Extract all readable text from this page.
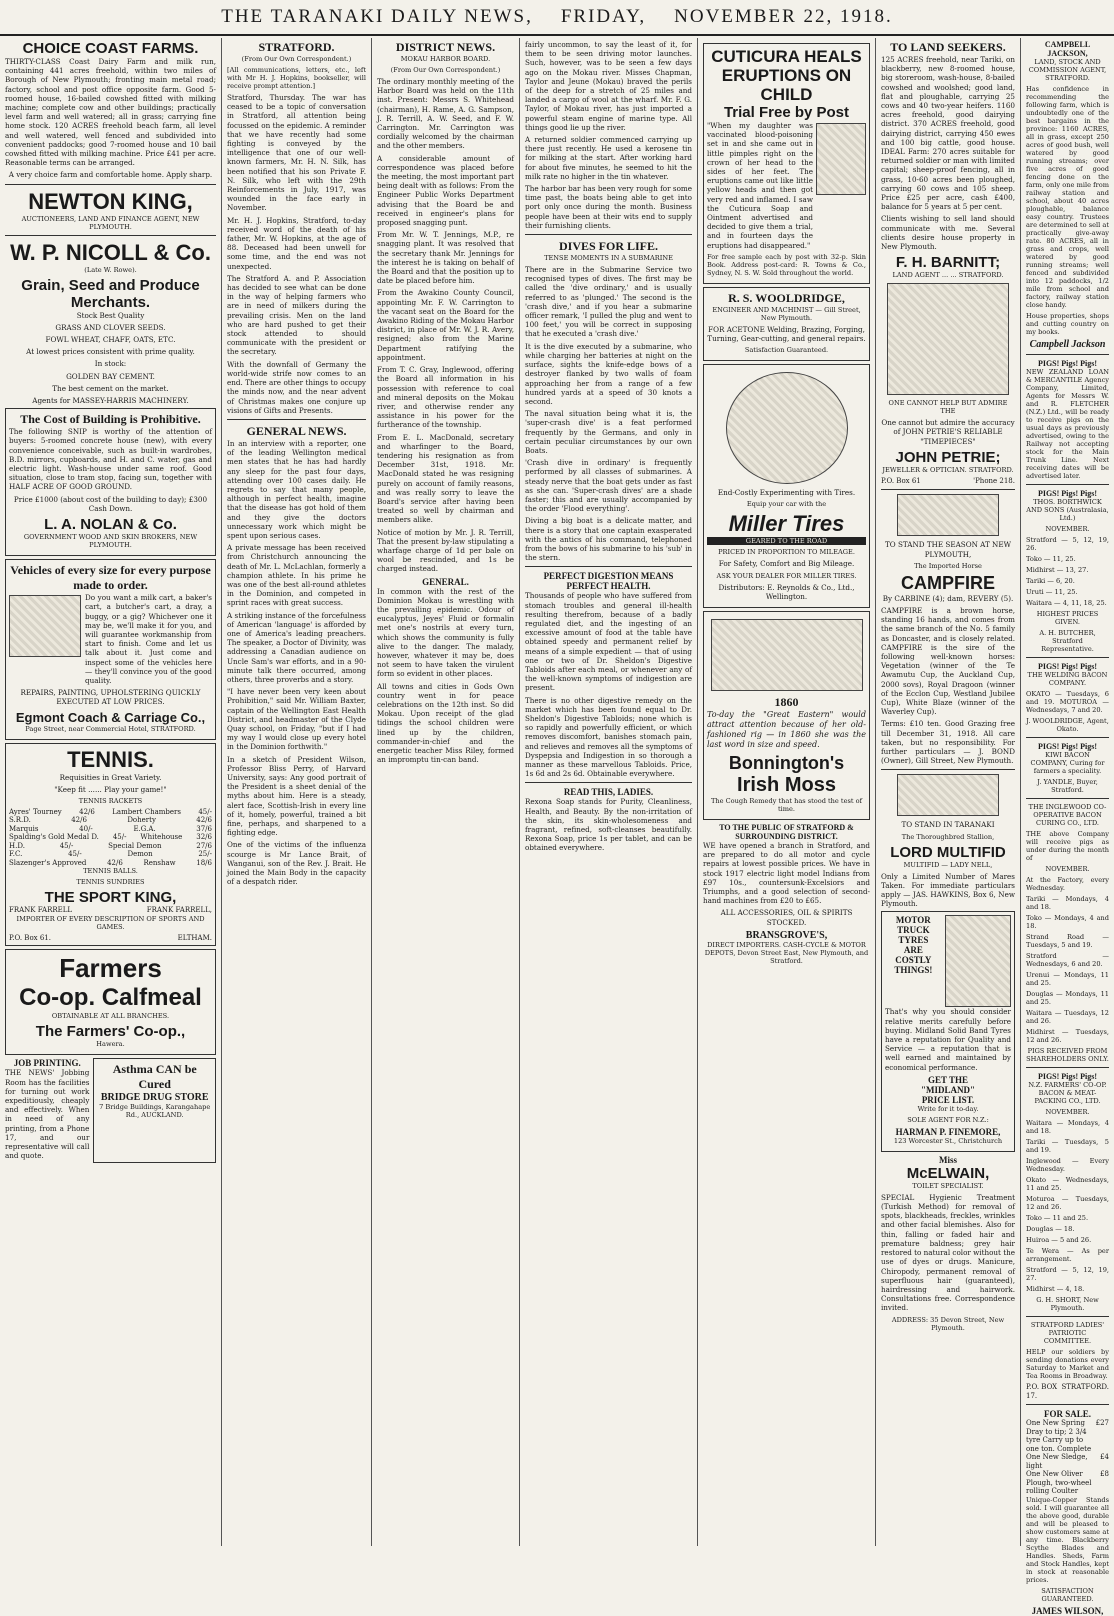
THE TARANAKI DAILY NEWS, FRIDAY, NOVEMBER 22, 1918.
CHOICE COAST FARMS.
THIRTY-CLASS Coast Dairy Farm and milk run, containing 441 acres freehold, within two miles of Borough of New Plymouth; fronting main metal road; factory, school and post office opposite farm. Good 5-roomed house, 16-bailed cowshed fitted with milking machine; complete cow and other buildings; practically level farm and well watered; all in grass; carrying fine home stock. 120 ACRES freehold beach farm, all level and well watered, well fenced and subdivided into convenient paddocks; good 7-roomed house and 10 bail cowshed fitted with milking machine. Price £41 per acre. Reasonable terms can be arranged.
A very choice farm and comfortable home. Apply sharp.
NEWTON KING,
AUCTIONEERS, LAND AND FINANCE AGENT, NEW PLYMOUTH.
W. P. NICOLL & Co.
(Late W. Rowe).
Grain, Seed and Produce Merchants.
Stock Best Quality
GRASS AND CLOVER SEEDS.
FOWL WHEAT, CHAFF, OATS, ETC.
At lowest prices consistent with prime quality.
In stock:
GOLDEN BAY CEMENT.
The best cement on the market.
Agents for MASSEY-HARRIS MACHINERY.
The Cost of Building is Prohibitive.
The following SNIP is worthy of the attention of buyers: 5-roomed concrete house (new), with every convenience conceivable, such as built-in wardrobes, B.D. mirrors, cupboards, and H. and C. water, gas and electric light. Wash-house under same roof. Good situation, close to tram stop, facing sun, together with HALF ACRE OF GOOD GROUND.
Price £1000 (about cost of the building to day); £300 Cash Down.
L. A. NOLAN & Co.
GOVERNMENT WOOD AND SKIN BROKERS, NEW PLYMOUTH.
Vehicles of every size for every purpose made to order.
Do you want a milk cart, a baker's cart, a butcher's cart, a dray, a buggy, or a gig? Whichever one it may be, we'll make it for you, and will guarantee workmanship from start to finish. Come and let us talk about it. Just come and inspect some of the vehicles here — they'll convince you of the good quality.
REPAIRS, PAINTING, UPHOLSTERING QUICKLY EXECUTED AT LOW PRICES.
Egmont Coach & Carriage Co.,
Page Street, near Commercial Hotel, STRATFORD.
TENNIS.
Requisities in Great Variety.
"Keep fit ...... Play your game!"
TENNIS RACKETS
Ayres' Tourney 42/6 Lambert Chambers 45/-
S.R.D.	42/6	Doherty	42/6
Marquis	40/-	E.G.A.	37/6
Spalding's Gold Medal D. 45/- Whitehouse 32/6
H.D.	45/-	Special Demon	27/6
F.C.	45/-	Demon	25/-
Slazenger's Approved	42/6	Renshaw	18/6
TENNIS BALLS.
TENNIS SUNDRIES
THE SPORT KING,
FRANK FARRELL	FRANK FARRELL,
IMPORTER OF EVERY DESCRIPTION OF SPORTS AND GAMES.
P.O. Box 61.	ELTHAM.
Farmers
Co-op. Calfmeal
OBTAINABLE AT ALL BRANCHES.
The Farmers' Co-op.,
Hawera.
JOB PRINTING.
THE NEWS' Jobbing Room has the facilities for turning out work expeditiously, cheaply and effectively. When in need of any printing, from a Phone 17, and our representative will call and quote.
Asthma CAN be Cured
BRIDGE DRUG STORE
7 Bridge Buildings, Karangahape Rd., AUCKLAND.
STRATFORD.
(From Our Own Correspondent.)
[All communications, letters, etc., left with Mr H. J. Hopkins, bookseller, will receive prompt attention.]
Stratford, Thursday. The war has ceased to be a topic of conversation in Stratford, all attention being focussed on the epidemic. A reminder that we have recently had some fighting is conveyed by the intelligence that one of our well-known farmers, Mr. H. N. Silk, has been notified that his son Private F. N. Silk, who left with the 29th Reinforcements in July, 1917, was wounded in the face early in November.
Mr. H. J. Hopkins, Stratford, to-day received word of the death of his father, Mr. W. Hopkins, at the age of 88. Deceased had been unwell for some time, and the end was not unexpected.
The Stratford A. and P. Association has decided to see what can be done in the way of helping farmers who are in need of milkers during the prevailing crisis. Men on the land who are hard pushed to get their stock attended to should communicate with the president or the secretary.
With the downfall of Germany the world-wide strife now comes to an end. There are other things to occupy the minds now, and the near advent of Christmas makes one conjure up visions of Gifts and Presents.
GENERAL NEWS.
In an interview with a reporter, one of the leading Wellington medical men states that he has had hardly any sleep for the past four days, attending over 100 cases daily. He regrets to say that many people, although in perfect health, imagine that the disease has got hold of them and they give the doctors unnecessary work which might be spent upon serious cases.
A private message has been received from Christchurch announcing the death of Mr. L. McLachlan, formerly a champion athlete. In his prime he was one of the best all-round athletes in the Dominion, and competed in sprint races with great success.
A striking instance of the forcefulness of American 'language' is afforded by one of America's leading preachers. The speaker, a Doctor of Divinity, was addressing a Canadian audience on Uncle Sam's war efforts, and in a 90-minute talk there occurred, among others, three proverbs and a story.
"I have never been very keen about Prohibition," said Mr. William Baxter, captain of the Wellington East Health District, and headmaster of the Clyde Quay school, on Friday, "but if I had my way I would close up every hotel in the Dominion forthwith."
In a sketch of President Wilson, Professor Bliss Perry, of Harvard University, says: Any good portrait of the President is a sheet denial of the myths about him. Here is a steady, alert face, Scottish-Irish in every line of it, homely, powerful, trained a bit fine, perhaps, and sharpened to a fighting edge.
One of the victims of the influenza scourge is Mr Lance Brait, of Wanganui, son of the Rev. J. Brait. He joined the Main Body in the capacity of a despatch rider.
DISTRICT NEWS.
MOKAU HARBOR BOARD.
(From Our Own Correspondent.)
The ordinary monthly meeting of the Harbor Board was held on the 11th inst. Present: Messrs S. Whitehead (chairman), H. Rame, A. G. Sampson, J. R. Terrill, A. W. Seed, and F. W. Carrington. Mr. Carrington was cordially welcomed by the chairman and the other members.
A considerable amount of correspondence was placed before the meeting, the most important part being dealt with as follows: From the Engineer Public Works Department advising that the Board be and received in engineer's plans for proposed snagging punt.
From Mr. W. T. Jennings, M.P., re snagging plant. It was resolved that the secretary thank Mr. Jennings for the interest he is taking on behalf of the Board and that the position up to date be placed before him.
From the Awakino County Council, appointing Mr. F. W. Carrington to the vacant seat on the Board for the Awakino Riding of the Mokau Harbor district, in place of Mr. W. J. R. Avery, resigned; also from the Marine Department ratifying the appointment.
From T. C. Gray, Inglewood, offering the Board all information in his possession with reference to coal and mineral deposits on the Mokau river, and otherwise render any assistance in his power for the furtherance of the township.
From E. L. MacDonald, secretary and wharfinger to the Board, tendering his resignation as from December 31st, 1918. Mr. MacDonald stated he was resigning purely on account of family reasons, and was really sorry to leave the Board's service after having been treated so well by chairman and members alike.
Notice of motion by Mr. J. R. Terrill, That the present by-law stipulating a wharfage charge of 1d per bale on wool be rescinded, and 1s be charged instead.
GENERAL.
In common with the rest of the Dominion Mokau is wrestling with the prevailing epidemic. Odour of eucalyptus, Jeyes' Fluid or formalin met one's nostrils at every turn, which shows the community is fully alive to the danger. The malady, however, whatever it may be, does not seem to have taken the virulent form so evident in other places.
All towns and cities in Gods Own country went in for peace celebrations on the 12th inst. So did Mokau. Upon receipt of the glad tidings the school children were lined up by the children, commander-in-chief and the energetic teacher Miss Riley, formed an impromptu tin-can band.
fairly uncommon, to say the least of it, for them to be seen driving motor launches. Such, however, was to be seen a few days ago on the Mokau river. Misses Chapman, Taylor and Jeune (Mokau) braved the perils of the deep for a stretch of 25 miles and landed a cargo of wool at the wharf. Mr. F. G. Taylor, of Mokau river, has just imported a powerful steam engine of marine type. All things good lie up the river.
A returned soldier commenced carrying up there just recently. He used a kerosene tin for milking at the start. After working hard for about five minutes, he seemed to hit the milk rate no higher in the tin whatever.
The harbor bar has been very rough for some time past, the boats being able to get into port only once during the month. Business people have been at their wits end to supply their furnishing clients.
DIVES FOR LIFE.
TENSE MOMENTS IN A SUBMARINE
There are in the Submarine Service two recognised types of dives. The first may be called the 'dive ordinary,' and is usually referred to as 'plunged.' The second is the 'crash dive,' and if you hear a submarine officer remark, 'I pulled the plug and went to 100 feet,' you will be correct in supposing that he executed a 'crash dive.'
It is the dive executed by a submarine, who while charging her batteries at night on the surface, sights the knife-edge bows of a destroyer flanked by two walls of foam approaching her from a range of a few hundred yards at a speed of 30 knots a second.
The naval situation being what it is, the 'super-crash dive' is a feat performed frequently by the Germans, and only in certain peculiar circumstances by our own Boats.
'Crash dive in ordinary' is frequently performed by all classes of submarines. A steady nerve that the boat gets under as fast as she can. 'Super-crash dives' are a shade faster; this and are usually accompanied by the order 'Flood everything'.
Diving a big boat is a delicate matter, and there is a story that one captain exasperated with the antics of his command, telephoned from the bows of his submarine to his 'sub' in the stern.
PERFECT DIGESTION MEANS PERFECT HEALTH.
Thousands of people who have suffered from stomach troubles and general ill-health resulting therefrom, because of a badly regulated diet, and the ingesting of an excessive amount of food at the table have obtained speedy and permanent relief by means of a simple expedient — that of using one or two of Dr. Sheldon's Digestive Tabloids after each meal, or whenever any of the well-known symptoms of indigestion are present.
There is no other digestive remedy on the market which has been found equal to Dr. Sheldon's Digestive Tabloids; none which is so rapidly and powerfully efficient, or which removes discomfort, banishes stomach pain, and relieves and removes all the symptoms of Dyspepsia and Indigestion in so thorough a manner as these marvellous Tabloids. Price, 1s 6d and 2s 6d. Obtainable everywhere.
READ THIS, LADIES.
Rexona Soap stands for Purity, Cleanliness, Health, and Beauty. By the non-irritation of the skin, its skin-wholesomeness and fragrant, refined, soft-cleanses beautifully. Rexona Soap, price 1s per tablet, and can be obtained everywhere.
CUTICURA HEALS ERUPTIONS ON CHILD
Trial Free by Post
"When my daughter was vaccinated blood-poisoning set in and she came out in little pimples right on the crown of her head to the sides of her feet. The eruptions came out like little yellow heads and then got very red and inflamed. I saw the Cuticura Soap and Ointment advertised and decided to give them a trial, and in fourteen days the eruptions had disappeared."
For free sample each by post with 32-p. Skin Book. Address post-card: R. Towns & Co., Sydney, N. S. W. Sold throughout the world.
R. S. WOOLDRIDGE,
ENGINEER AND MACHINIST — Gill Street, New Plymouth.
FOR ACETONE Welding, Brazing, Forging, Turning, Gear-cutting, and general repairs.
Satisfaction Guaranteed.
End-Costly Experimenting with Tires.
Equip your car with the
Miller Tires
GEARED TO THE ROAD
PRICED IN PROPORTION TO MILEAGE.
For Safety, Comfort and Big Mileage.
ASK YOUR DEALER FOR MILLER TIRES.
Distributors: E. Reynolds & Co., Ltd., Wellington.
1860
To-day the "Great Eastern" would attract attention because of her old-fashioned rig — in 1860 she was the last word in size and speed.
Bonnington's
Irish Moss
The Cough Remedy that has stood the test of time.
TO THE PUBLIC OF STRATFORD & SURROUNDING DISTRICT.
WE have opened a branch in Stratford, and are prepared to do all motor and cycle repairs at lowest possible prices. We have in stock 1917 electric light model Indians from £97 10s., countersunk-Excelsiors and Triumphs, and a good selection of second-hand machines from £20 to £65.
ALL ACCESSORIES, OIL & SPIRITS STOCKED.
BRANSGROVE'S,
DIRECT IMPORTERS. CASH-CYCLE & MOTOR DEPOTS, Devon Street East, New Plymouth, and Stratford.
TO LAND SEEKERS.
125 ACRES freehold, near Tariki, on blackberry, new 8-roomed house, big storeroom, wash-house, 8-bailed cowshed and woolshed; good land, flat and ploughable, carrying 25 cows and 40 two-year heifers. 1160 acres freehold, good dairying district. 370 ACRES freehold, good dairying district, carrying 450 ewes and 100 big cattle, good house. IDEAL Farm: 270 acres suitable for returned soldier or man with limited capital; sheep-proof fencing, all in grass, 10-60 acres been ploughed, carrying 60 cows and 105 sheep. Price £25 per acre, cash £400, balance for 5 years at 5 per cent.
Clients wishing to sell land should communicate with me. Several clients desire house property in New Plymouth.
F. H. BARNITT;
LAND AGENT ... ... STRATFORD.
ONE CANNOT HELP BUT ADMIRE THE
One cannot but admire the accuracy of JOHN PETRIE'S RELIABLE "TIMEPIECES"
JOHN PETRIE;
JEWELLER & OPTICIAN. STRATFORD.
P.O. Box 61	'Phone 218.
TO STAND THE SEASON AT NEW PLYMOUTH,
The Imported Horse
CAMPFIRE
By CARBINE (4); dam, REVERY (5).
CAMPFIRE is a brown horse, standing 16 hands, and comes from the same branch of the No. 5 family as Doncaster, and is closely related. CAMPFIRE is the sire of the following well-known horses: Vegetation (winner of the Te Awamutu Cup, the Auckland Cup, 2000 sovs), Royal Dragoon (winner of the Ecclon Cup, Westland Jubilee Cup), White Blaze (winner of the Waverley Cup).
Terms: £10 ten. Good Grazing free till December 31, 1918. All care taken, but no responsibility. For further particulars — J. BOND (Owner), Gill Street, New Plymouth.
TO STAND IN TARANAKI
The Thoroughbred Stallion,
LORD MULTIFID
MULTIFID — LADY NELL,
Only a Limited Number of Mares Taken. For immediate particulars apply — JAS. HAWKINS, Box 6, New Plymouth.
MOTOR
TRUCK
TYRES
ARE
COSTLY
THINGS!
That's why you should consider relative merits carefully before buying. Midland Solid Band Tyres have a reputation for Quality and Service — a reputation that is well earned and maintained by economical performance.
GET THE
"MIDLAND"
PRICE LIST.
Write for it to-day.
SOLE AGENT FOR N.Z.:
HARMAN P. FINEMORE,
123 Worcester St., Christchurch
Miss
McELWAIN,
TOILET SPECIALIST.
SPECIAL Hygienic Treatment (Turkish Method) for removal of spots, blackheads, freckles, wrinkles and other facial blemishes. Also for thin, falling or faded hair and premature baldness; grey hair restored to natural color without the use of dyes or drugs. Manicure, Chiropody, permanent removal of superfluous hair (guaranteed), hairdressing and hairwork. Consultations free. Correspondence invited.
ADDRESS: 35 Devon Street, New Plymouth.
CAMPBELL JACKSON,
LAND, STOCK AND COMMISSION AGENT, STRATFORD.
Has confidence in recommending the following farm, which is undoubtedly one of the best bargains in the province: 1160 ACRES, all in grass, except 250 acres of good bush, well watered by good running streams; over five acres of good fencing done on the farm, only one mile from railway station and school, about 40 acres ploughable, balance easy country. Trustees are determined to sell at practically give-away rate. 80 ACRES, all in grass and crops, well watered by good running streams; well fenced and subdivided into 12 paddocks, 1/2 mile from school and factory, railway station close handy.
House properties, shops and cutting country on my books.
Campbell Jackson
PIGS! Pigs! Pigs!
NEW ZEALAND LOAN & MERCANTILE Agency Company, Limited, Agents for Messrs W. and R. FLETCHER (N.Z.) Ltd., will be ready to receive pigs on the usual days as previously advertised, owing to the Railway not accepting stock for the Main Trunk Line. Next receiving dates will be advertised later.
PIGS! Pigs! Pigs!
THOS. BORTHWICK AND SONS (Australasia, Ltd.)
NOVEMBER.
Stratford — 5, 12, 19, 26.
Toko — 11, 25.
Midhirst — 13, 27.
Tariki — 6, 20.
Uruti — 11, 25.
Waitara — 4, 11, 18, 25.
HIGHEST PRICES GIVEN.
A. H. BUTCHER, Stratford Representative.
PIGS! Pigs! Pigs!
THE WELDING BACON COMPANY.
OKATO — Tuesdays, 6 and 19. MOTUROA — Wednesdays, 7 and 20.
J. WOOLDRIDGE, Agent, Okato.
PIGS! Pigs! Pigs!
KIWI BACON COMPANY, Curing for farmers a speciality.
J. YANDLE, Buyer, Stratford.
THE INGLEWOOD CO-OPERATIVE BACON CURING CO., LTD.
THE above Company will receive pigs as under during the month of
NOVEMBER.
At the Factory, every Wednesday.
Tariki — Mondays, 4 and 18.
Toko — Mondays, 4 and 18.
Strand Road — Tuesdays, 5 and 19.
Stratford — Wednesdays, 6 and 20.
Urenui — Mondays, 11 and 25.
Douglas — Mondays, 11 and 25.
Waitara — Tuesdays, 12 and 26.
Midhirst — Tuesdays, 12 and 26.
PIGS RECEIVED FROM SHAREHOLDERS ONLY.
PIGS! Pigs! Pigs!
N.Z. FARMERS' CO-OP. BACON & MEAT-PACKING CO., LTD.
NOVEMBER.
Waitara — Mondays, 4 and 18.
Tariki — Tuesdays, 5 and 19.
Inglewood — Every Wednesday.
Okato — Wednesdays, 11 and 25.
Moturoa — Tuesdays, 12 and 26.
Toko — 11 and 25.
Douglas — 18.
Huiroa — 5 and 26.
Te Wera — As per arrangement.
Stratford — 5, 12, 19, 27.
Midhirst — 4, 18.
G. H. SHORT, New Plymouth.
STRATFORD LADIES' PATRIOTIC COMMITTEE.
HELP our soldiers by sending donations every Saturday to Market and Tea Rooms in Broadway.
P.O. BOX 17.
STRATFORD.
FOR SALE.
One New Spring Dray to tip; 2 3/4 tyre Carry up to one ton. Complete
£27
One New Sledge, light
£4
One New Oliver Plough, two-wheel rolling Coulter
£8
Unique-Copper Stands sold. I will guarantee all the above good, durable and will be pleased to show customers same at any time. Blackberry Scythe Blades and Handles. Sheds, Farm and Stock Handles, kept in stock at reasonable prices.
SATISFACTION GUARANTEED.
JAMES WILSON,
